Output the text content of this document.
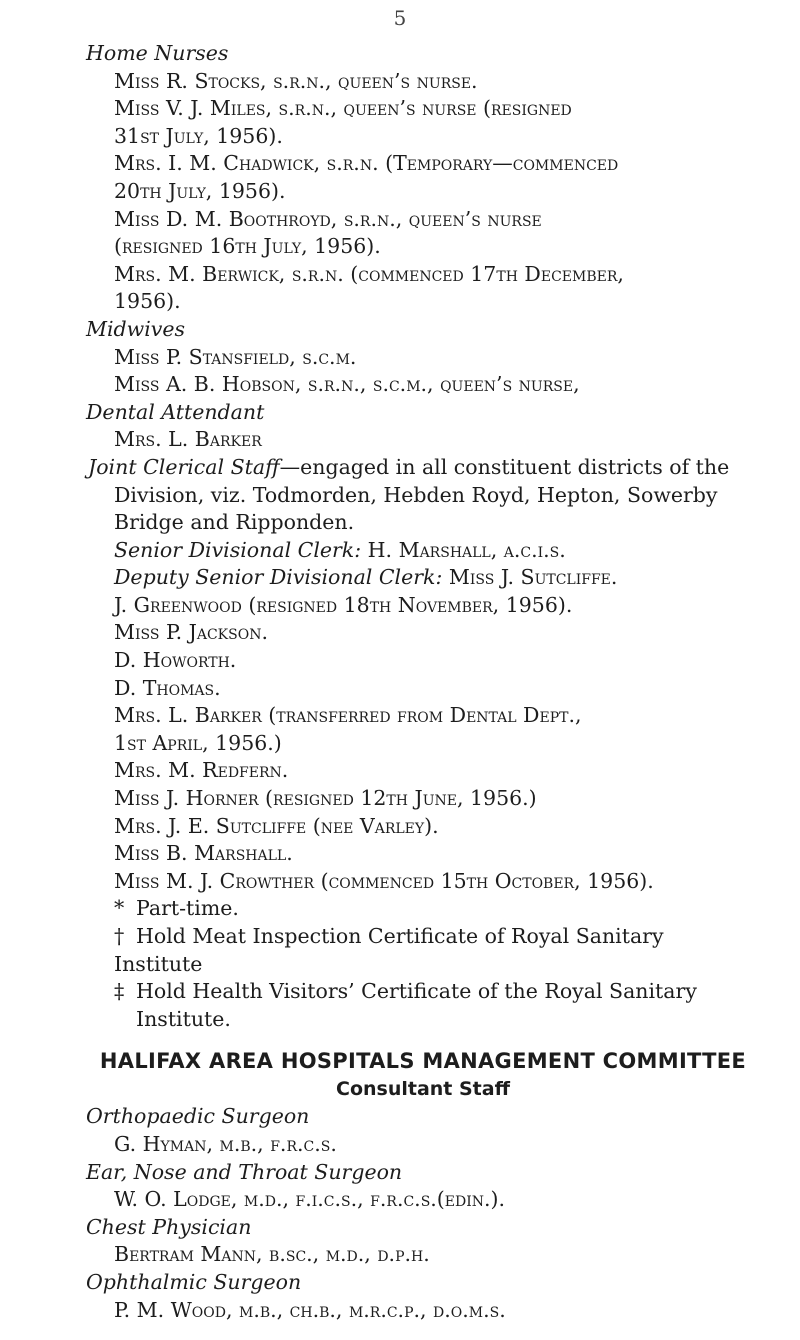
5
Home Nurses
Miss R. Stocks, s.r.n., queen’s nurse.
Miss V. J. Miles, s.r.n., queen’s nurse (resigned
31st July, 1956).
Mrs. I. M. Chadwick, s.r.n. (Temporary—commenced
20th July, 1956).
Miss D. M. Boothroyd, s.r.n., queen’s nurse
(resigned 16th July, 1956).
Mrs. M. Berwick, s.r.n. (commenced 17th December,
1956).
Midwives
Miss P. Stansfield, s.c.m.
Miss A. B. Hobson, s.r.n., s.c.m., queen’s nurse,
Dental Attendant
Mrs. L. Barker
Joint Clerical Staff—engaged in all constituent districts of the Division, viz. Todmorden, Hebden Royd, Hepton, Sowerby Bridge and Ripponden.
Senior Divisional Clerk: H. Marshall, a.c.i.s.
Deputy Senior Divisional Clerk: Miss J. Sutcliffe.
J. Greenwood (resigned 18th November, 1956).
Miss P. Jackson.
D. Howorth.
D. Thomas.
Mrs. L. Barker (transferred from Dental Dept.,
1st April, 1956.)
Mrs. M. Redfern.
Miss J. Horner (resigned 12th June, 1956.)
Mrs. J. E. Sutcliffe (nee Varley).
Miss B. Marshall.
Miss M. J. Crowther (commenced 15th October, 1956).
* Part-time.
† Hold Meat Inspection Certificate of Royal Sanitary Institute
‡ Hold Health Visitors’ Certificate of the Royal Sanitary Institute.
HALIFAX AREA HOSPITALS MANAGEMENT COMMITTEE
Consultant Staff
Orthopaedic Surgeon
G. Hyman, m.b., f.r.c.s.
Ear, Nose and Throat Surgeon
W. O. Lodge, m.d., f.i.c.s., f.r.c.s.(edin.).
Chest Physician
Bertram Mann, b.sc., m.d., d.p.h.
Ophthalmic Surgeon
P. M. Wood, m.b., ch.b., m.r.c.p., d.o.m.s.
